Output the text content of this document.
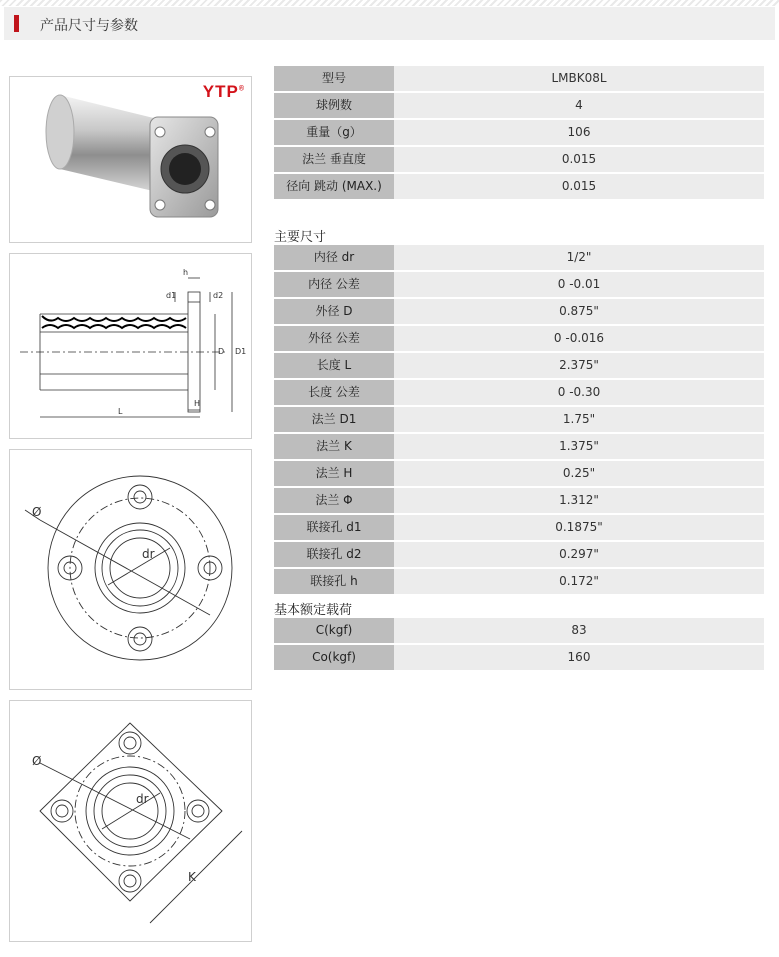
产品尺寸与参数
YTP®
h
d1	d2
D D1
L
H
Ø
dr
Ø
dr
K
型号	LMBK08L
球例数	4
重量（g）	106
法兰 垂直度	0.015
径向 跳动 (MAX.)	0.015
主要尺寸
内径 dr	1/2"
内径 公差	0 -0.01
外径 D	0.875"
外径 公差	0 -0.016
长度 L	2.375"
长度 公差	0 -0.30
法兰 D1	1.75"
法兰 K	1.375"
法兰 H	0.25"
法兰 Φ	1.312"
联接孔 d1	0.1875"
联接孔 d2	0.297"
联接孔 h	0.172"
基本额定载荷
C(kgf)	83
Co(kgf)	160
